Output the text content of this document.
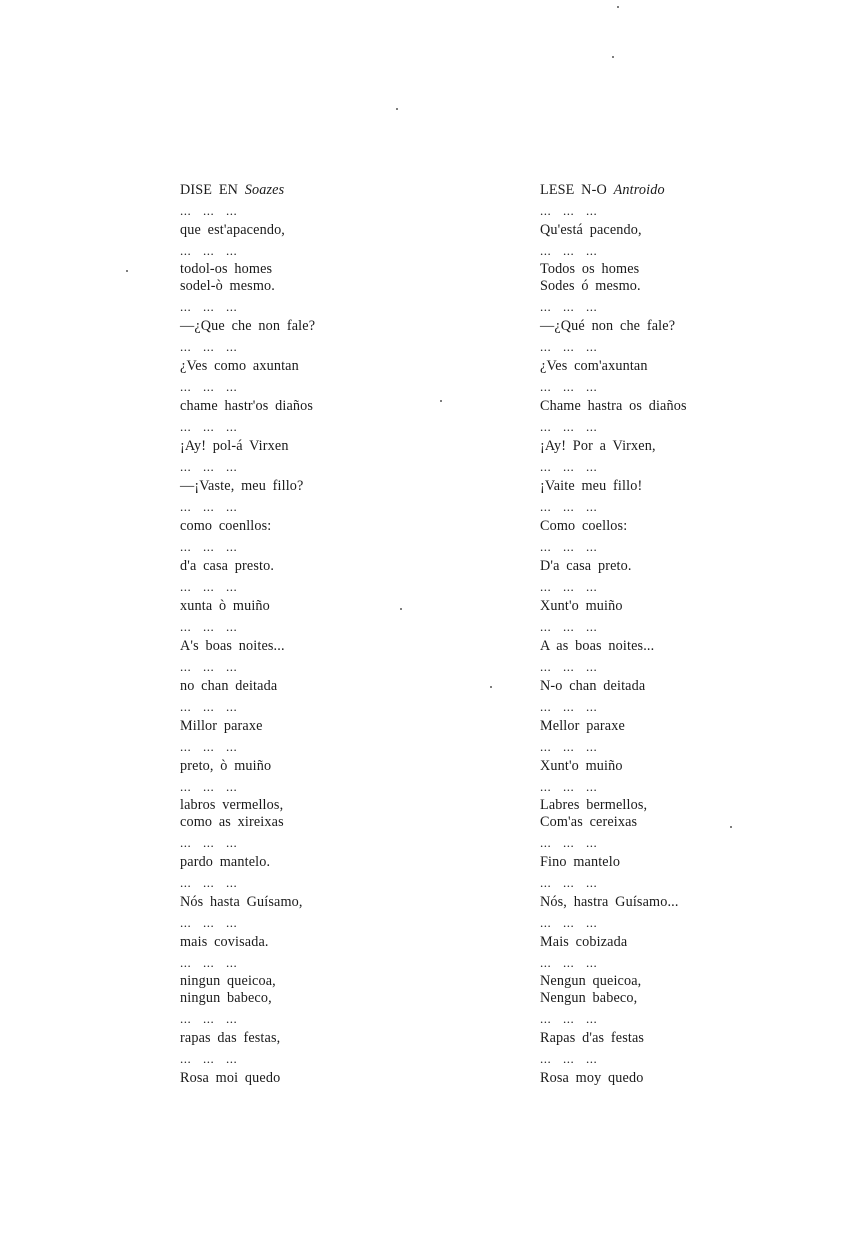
DISE EN Soazes
... ... ...
que est'apacendo,
... ... ...
todol-os homes
sodel-ò mesmo.
... ... ...
—¿Que che non fale?
... ... ...
¿Ves como axuntan
... ... ...
chame hastr'os diaños
... ... ...
¡Ay! pol-á Virxen
... ... ...
—¡Vaste, meu fillo?
... ... ...
como coenllos:
... ... ...
d'a casa presto.
... ... ...
xunta ò muiño
... ... ...
A's boas noites...
... ... ...
no chan deitada
... ... ...
Millor paraxe
... ... ...
preto, ò muiño
... ... ...
labros vermellos,
como as xireixas
... ... ...
pardo mantelo.
... ... ...
Nós hasta Guísamo,
... ... ...
mais covisada.
... ... ...
ningun queicoa,
ningun babeco,
... ... ...
rapas das festas,
... ... ...
Rosa moi quedo
LESE N-O Antroido
... ... ...
Qu'está pacendo,
... ... ...
Todos os homes
Sodes ó mesmo.
... ... ...
—¿Qué non che fale?
... ... ...
¿Ves com'axuntan
... ... ...
Chame hastra os diaños
... ... ...
¡Ay! Por a Virxen,
... ... ...
¡Vaite meu fillo!
... ... ...
Como coellos:
... ... ...
D'a casa preto.
... ... ...
Xunt'o muiño
... ... ...
A as boas noites...
... ... ...
N-o chan deitada
... ... ...
Mellor paraxe
... ... ...
Xunt'o muiño
... ... ...
Labres bermellos,
Com'as cereixas
... ... ...
Fino mantelo
... ... ...
Nós, hastra Guísamo...
... ... ...
Mais cobizada
... ... ...
Nengun queicoa,
Nengun babeco,
... ... ...
Rapas d'as festas
... ... ...
Rosa moy quedo
